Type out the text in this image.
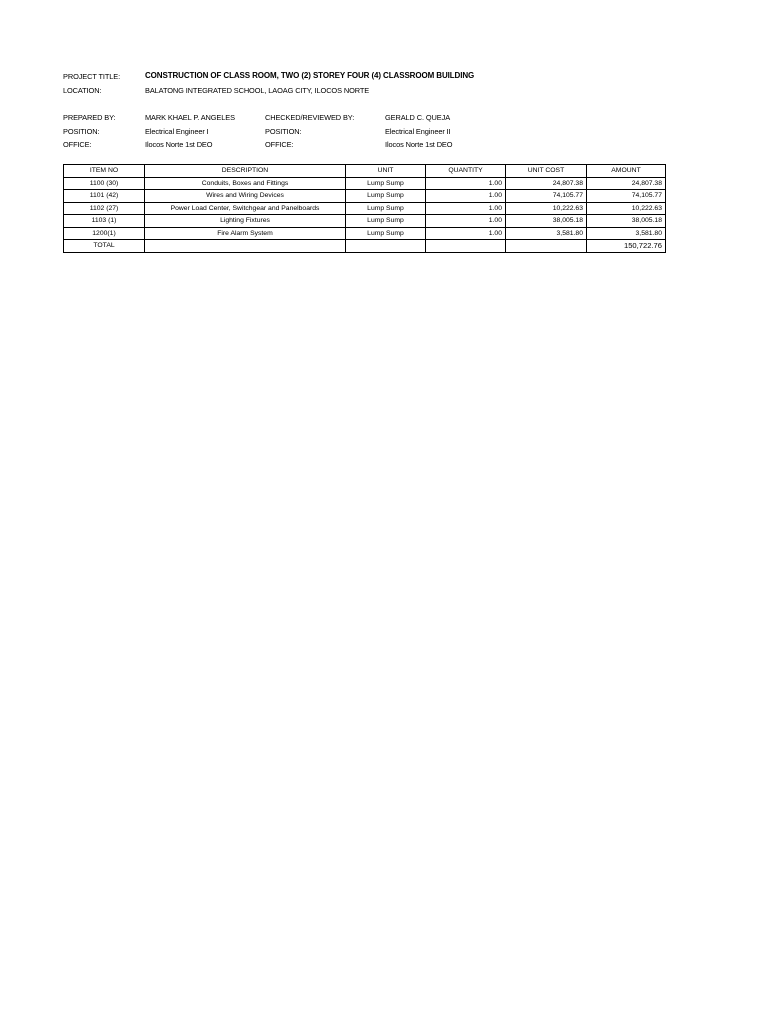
PROJECT TITLE:	CONSTRUCTION OF CLASS ROOM, TWO (2) STOREY FOUR (4) CLASSROOM BUILDING
LOCATION:	BALATONG INTEGRATED SCHOOL, LAOAG CITY, ILOCOS NORTE
PREPARED BY:	MARK KHAEL P. ANGELES	CHECKED/REVIEWED BY:	GERALD C. QUEJA
POSITION:	Electrical Engineer I	POSITION:	Electrical Engineer II
OFFICE:	Ilocos Norte 1st DEO	OFFICE:	Ilocos Norte 1st DEO
ITEM NO	DESCRIPTION	UNIT	QUANTITY	UNIT COST	AMOUNT
1100 (30)	Conduits, Boxes and Fittings	Lump Sump	1.00	24,807.38	24,807.38
1101 (42)	Wires and Wiring Devices	Lump Sump	1.00	74,105.77	74,105.77
1102 (27)	Power Load Center, Switchgear and Panelboards	Lump Sump	1.00	10,222.63	10,222.63
1103 (1)	Lighting Fixtures	Lump Sump	1.00	38,005.18	38,005.18
1200(1)	Fire Alarm System	Lump Sump	1.00	3,581.80	3,581.80
TOTAL					150,722.76
